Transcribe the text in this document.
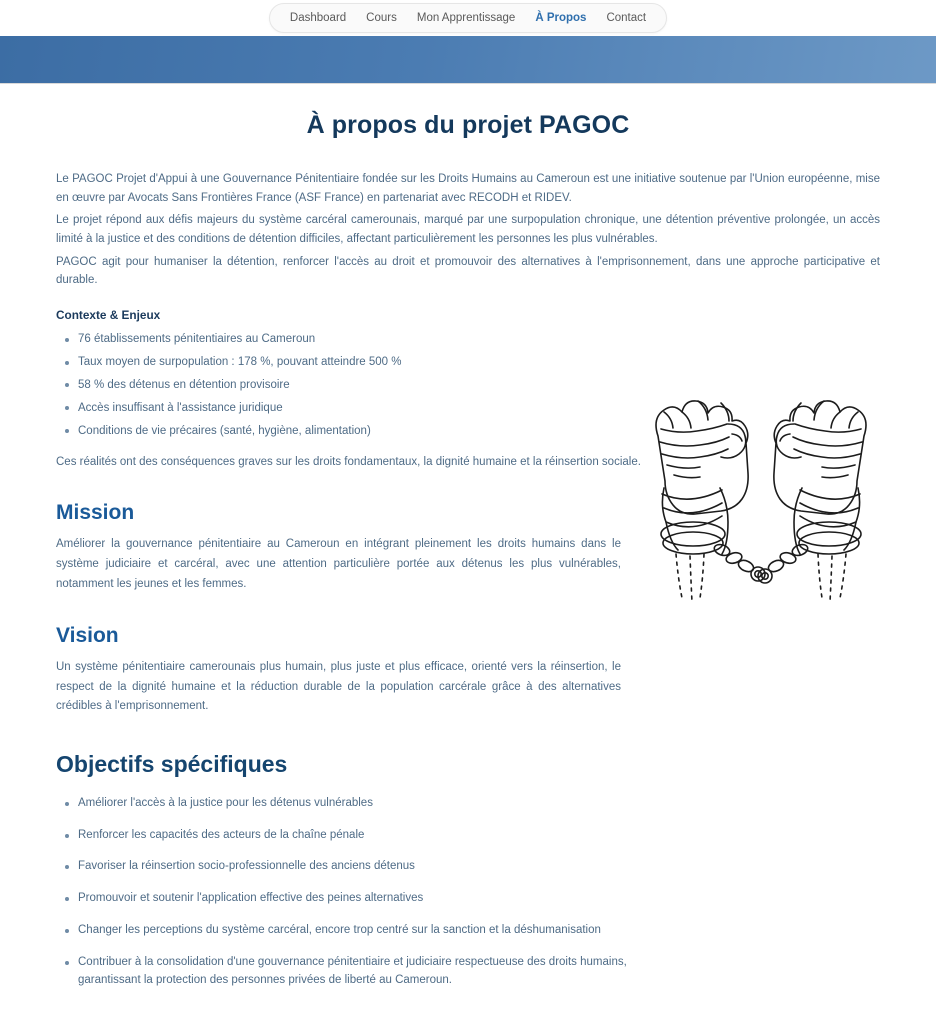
Dashboard	Cours	Mon Apprentissage	À Propos	Contact
À propos du projet PAGOC

Le PAGOC Projet d'Appui à une Gouvernance Pénitentiaire fondée sur les Droits Humains au Cameroun est une initiative soutenue par l'Union européenne, mise en œuvre par Avocats Sans Frontières France (ASF France) en partenariat avec RECODH et RIDEV.

Le projet répond aux défis majeurs du système carcéral camerounais, marqué par une surpopulation chronique, une détention préventive prolongée, un accès limité à la justice et des conditions de détention difficiles, affectant particulièrement les personnes les plus vulnérables.

PAGOC agit pour humaniser la détention, renforcer l'accès au droit et promouvoir des alternatives à l'emprisonnement, dans une approche participative et durable.

Contexte & Enjeux
76 établissements pénitentiaires au Cameroun
Taux moyen de surpopulation : 178 %, pouvant atteindre 500 %
58 % des détenus en détention provisoire
Accès insuffisant à l'assistance juridique
Conditions de vie précaires (santé, hygiène, alimentation)

Ces réalités ont des conséquences graves sur les droits fondamentaux, la dignité humaine et la réinsertion sociale.

Mission

Améliorer la gouvernance pénitentiaire au Cameroun en intégrant pleinement les droits humains dans le système judiciaire et carcéral, avec une attention particulière portée aux détenus les plus vulnérables, notamment les jeunes et les femmes.

Vision

Un système pénitentiaire camerounais plus humain, plus juste et plus efficace, orienté vers la réinsertion, le respect de la dignité humaine et la réduction durable de la population carcérale grâce à des alternatives crédibles à l'emprisonnement.

Objectifs spécifiques
Améliorer l'accès à la justice pour les détenus vulnérables
Renforcer les capacités des acteurs de la chaîne pénale
Favoriser la réinsertion socio-professionnelle des anciens détenus
Promouvoir et soutenir l'application effective des peines alternatives
Changer les perceptions du système carcéral, encore trop centré sur la sanction et la déshumanisation
Contribuer à la consolidation d'une gouvernance pénitentiaire et judiciaire respectueuse des droits humains, garantissant la protection des personnes privées de liberté au Cameroun.
